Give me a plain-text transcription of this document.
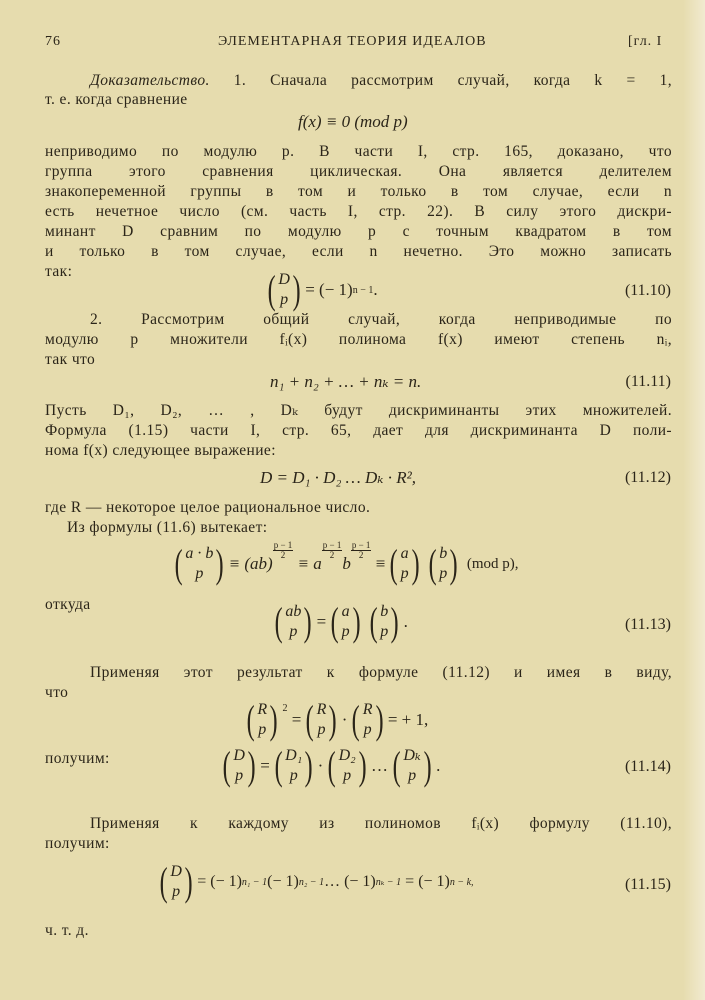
76	ЭЛЕМЕНТАРНАЯ ТЕОРИЯ ИДЕАЛОВ	[гл. I
Доказательство. 1. Сначала рассмотрим случай, когда k = 1,
т. е. когда сравнение
f(x) ≡ 0 (mod p)
неприводимо по модулю p. В части I, стр. 165, доказано, что
группа этого сравнения циклическая. Она является делителем
знакопеременной группы в том и только в том случае, если n
есть нечетное число (см. часть I, стр. 22). В силу этого дискри-
минант D сравним по модулю p с точным квадратом в том
и только в том случае, если n нечетно. Это можно записать
так:	( D
p ) = (− 1) n − 1 .	(11.10)
2. Рассмотрим общий случай, когда неприводимые по
модулю p множители fᵢ(x) полинома f(x) имеют степень nᵢ,
так что
n₁ + n₂ + … + nₖ = n.	(11.11)
Пусть D₁, D₂, … , Dₖ будут дискриминанты этих множителей.
Формула (1.15) части I, стр. 65, дает для дискриминанта D поли-
нома f(x) следующее выражение:
D = D₁ · D₂ … Dₖ · R²,	(11.12)
где R — некоторое целое рациональное число.
Из формулы (11.6) вытекает:
( a · b
p ) ≡ (ab)
p − 1
2
≡ a
p − 1
2 b
p − 1
2
≡ ( a
p ) ( b
p )
(mod p),
откуда	( ab
p ) = ( a
p ) ( b
p ) .	(11.13)
Применяя этот результат к формуле (11.12) и имея в виду,
что
( R
p ) $^2$

= ( R
p ) · ( R
p ) = + 1,
получим:	( D
p ) = ( D₁
p ) · ( D₂
p ) … ( Dₖ
p ) .	(11.14)
Применяя к каждому из полиномов fᵢ(x) формулу (11.10),
получим:
( D
p ) = (− 1) n₁ − 1 (− 1) n₂ − 1 … (− 1) nₖ − 1
= (− 1) n − k,	(11.15)
ч. т. д.
